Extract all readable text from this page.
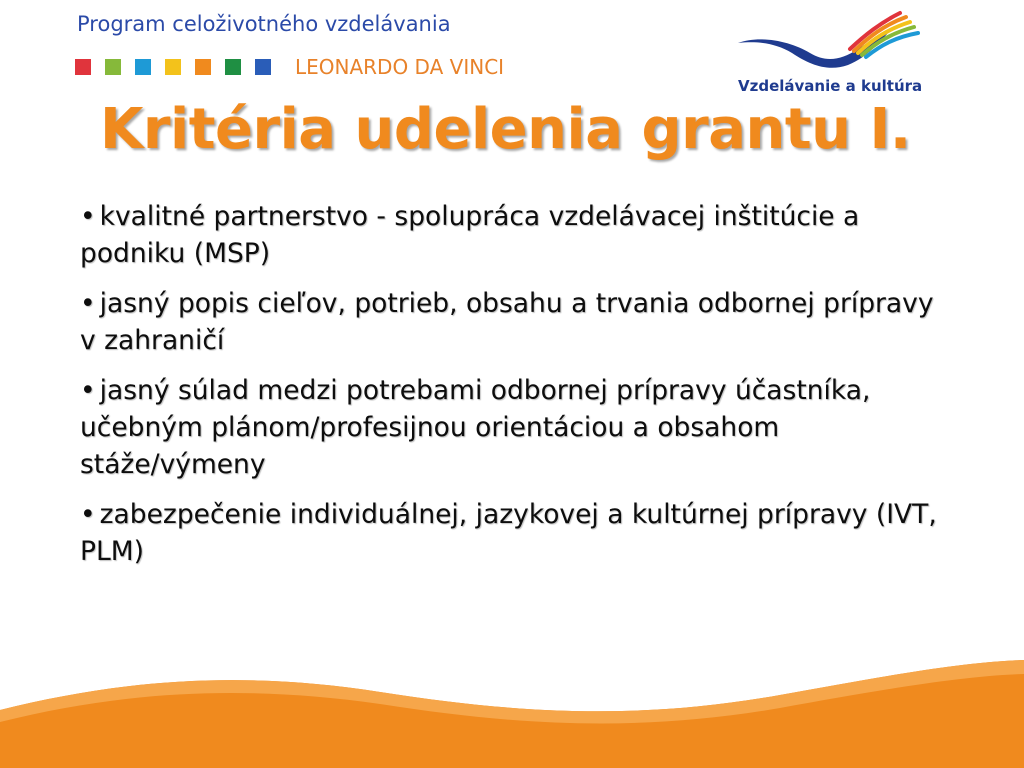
Program celoživotného vzdelávania
LEONARDO DA VINCI
Vzdelávanie a kultúra
Kritéria udelenia grantu I.
• kvalitné partnerstvo - spolupráca vzdelávacej inštitúcie a podniku (MSP)
• jasný popis cieľov, potrieb, obsahu a trvania odbornej prípravy v zahraničí
• jasný súlad medzi potrebami odbornej prípravy účastníka, učebným plánom/profesijnou orientáciou a obsahom stáže/výmeny
• zabezpečenie individuálnej, jazykovej a kultúrnej prípravy (IVT, PLM)
